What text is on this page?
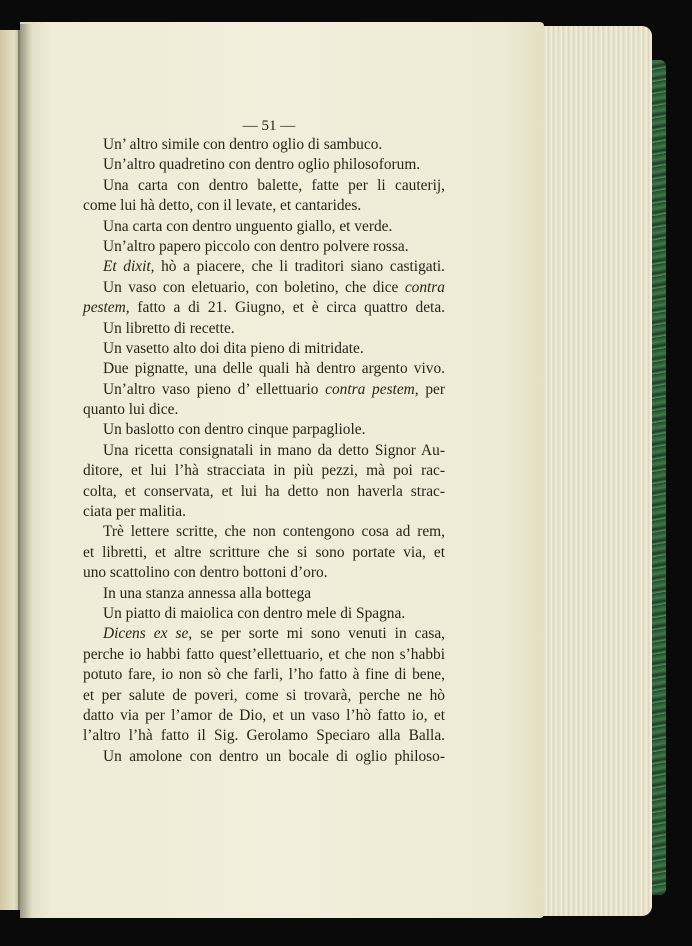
— 51 —
Un’ altro simile con dentro oglio di sambuco.
Un’altro quadretino con dentro oglio philosoforum.
Una carta con dentro balette, fatte per li cauterij,
come lui hà detto, con il levate, et cantarides.
Una carta con dentro unguento giallo, et verde.
Un’altro papero piccolo con dentro polvere rossa.
Et dixit, hò a piacere, che li traditori siano castigati.
Un vaso con eletuario, con boletino, che dice contra
pestem, fatto a di 21. Giugno, et è circa quattro deta.
Un libretto di recette.
Un vasetto alto doi dita pieno di mitridate.
Due pignatte, una delle quali hà dentro argento vivo.
Un’altro vaso pieno d’ ellettuario contra pestem, per
quanto lui dice.
Un baslotto con dentro cinque parpagliole.
Una ricetta consignatali in mano da detto Signor Au-
ditore, et lui l’hà stracciata in più pezzi, mà poi rac-
colta, et conservata, et lui ha detto non haverla strac-
ciata per malitia.
Trè lettere scritte, che non contengono cosa ad rem,
et libretti, et altre scritture che si sono portate via, et
uno scattolino con dentro bottoni d’oro.
In una stanza annessa alla bottega
Un piatto di maiolica con dentro mele di Spagna.
Dicens ex se, se per sorte mi sono venuti in casa,
perche io habbi fatto quest’ellettuario, et che non s’habbi
potuto fare, io non sò che farli, l’ho fatto à fine di bene,
et per salute de poveri, come si trovarà, perche ne hò
datto via per l’amor de Dio, et un vaso l’hò fatto io, et
l’altro l’hà fatto il Sig. Gerolamo Speciaro alla Balla.
Un amolone con dentro un bocale di oglio philoso-
